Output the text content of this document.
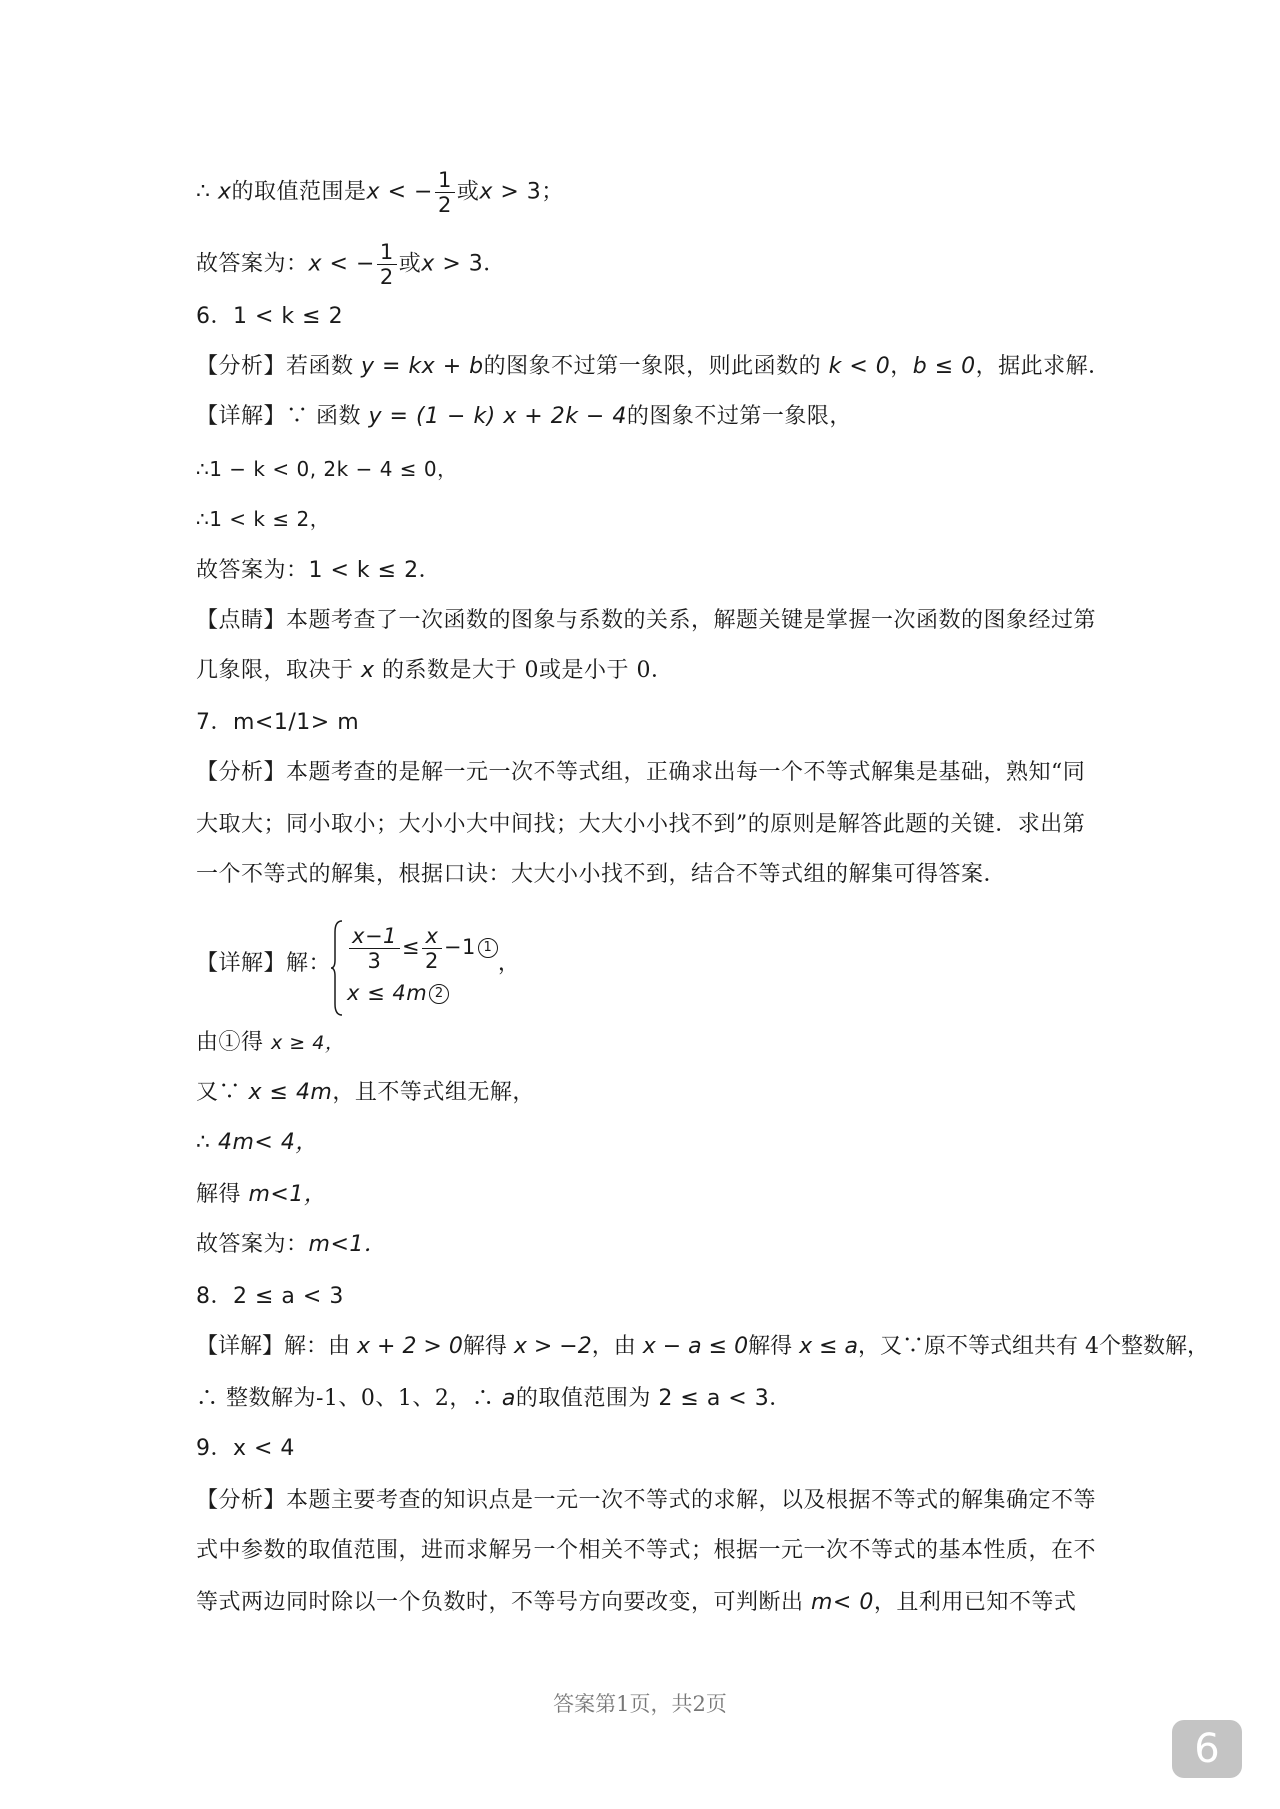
∴ x的取值范围是x < − $\frac{1}{2}$ 或x > 3；
故答案为：x < − $\frac{1}{2}$ 或x > 3．
6．1 < k ≤ 2
【分析】若函数 y = kx + b的图象不过第一象限，则此函数的 k < 0，b ≤ 0，据此求解．
【详解】∵ 函数 y = (1 − k) x + 2k − 4的图象不过第一象限，
∴1 − k < 0, 2k − 4 ≤ 0，
∴1 < k ≤ 2，
故答案为：1 < k ≤ 2．
【点睛】本题考查了一次函数的图象与系数的关系，解题关键是掌握一次函数的图象经过第
几象限，取决于 x 的系数是大于 0或是小于 0．
7．m<1/1> m
【分析】本题考查的是解一元一次不等式组，正确求出每一个不等式解集是基础，熟知“同
大取大；同小取小；大小小大中间找；大大小小找不到”的原则是解答此题的关键．求出第
一个不等式的解集，根据口诀：大大小小找不到，结合不等式组的解集可得答案．
【详解】解： $\frac{x-1}{3} \le \frac{x}{2} -1$ 1
x ≤ 4m 2
，
由①得 x ≥ 4，
又∵ x ≤ 4m，且不等式组无解，
∴ 4m< 4，
解得 m<1，
故答案为：m<1．
8．2 ≤ a < 3
【详解】解：由 x + 2 > 0解得 x > −2，由 x − a ≤ 0解得 x ≤ a，又∵原不等式组共有 4个整数解，
∴ 整数解为-1、0、1、2，∴ a的取值范围为 2 ≤ a < 3．
9．x < 4
【分析】本题主要考查的知识点是一元一次不等式的求解，以及根据不等式的解集确定不等
式中参数的取值范围，进而求解另一个相关不等式；根据一元一次不等式的基本性质，在不
等式两边同时除以一个负数时，不等号方向要改变，可判断出 m< 0，且利用已知不等式
答案第1页，共2页
6
